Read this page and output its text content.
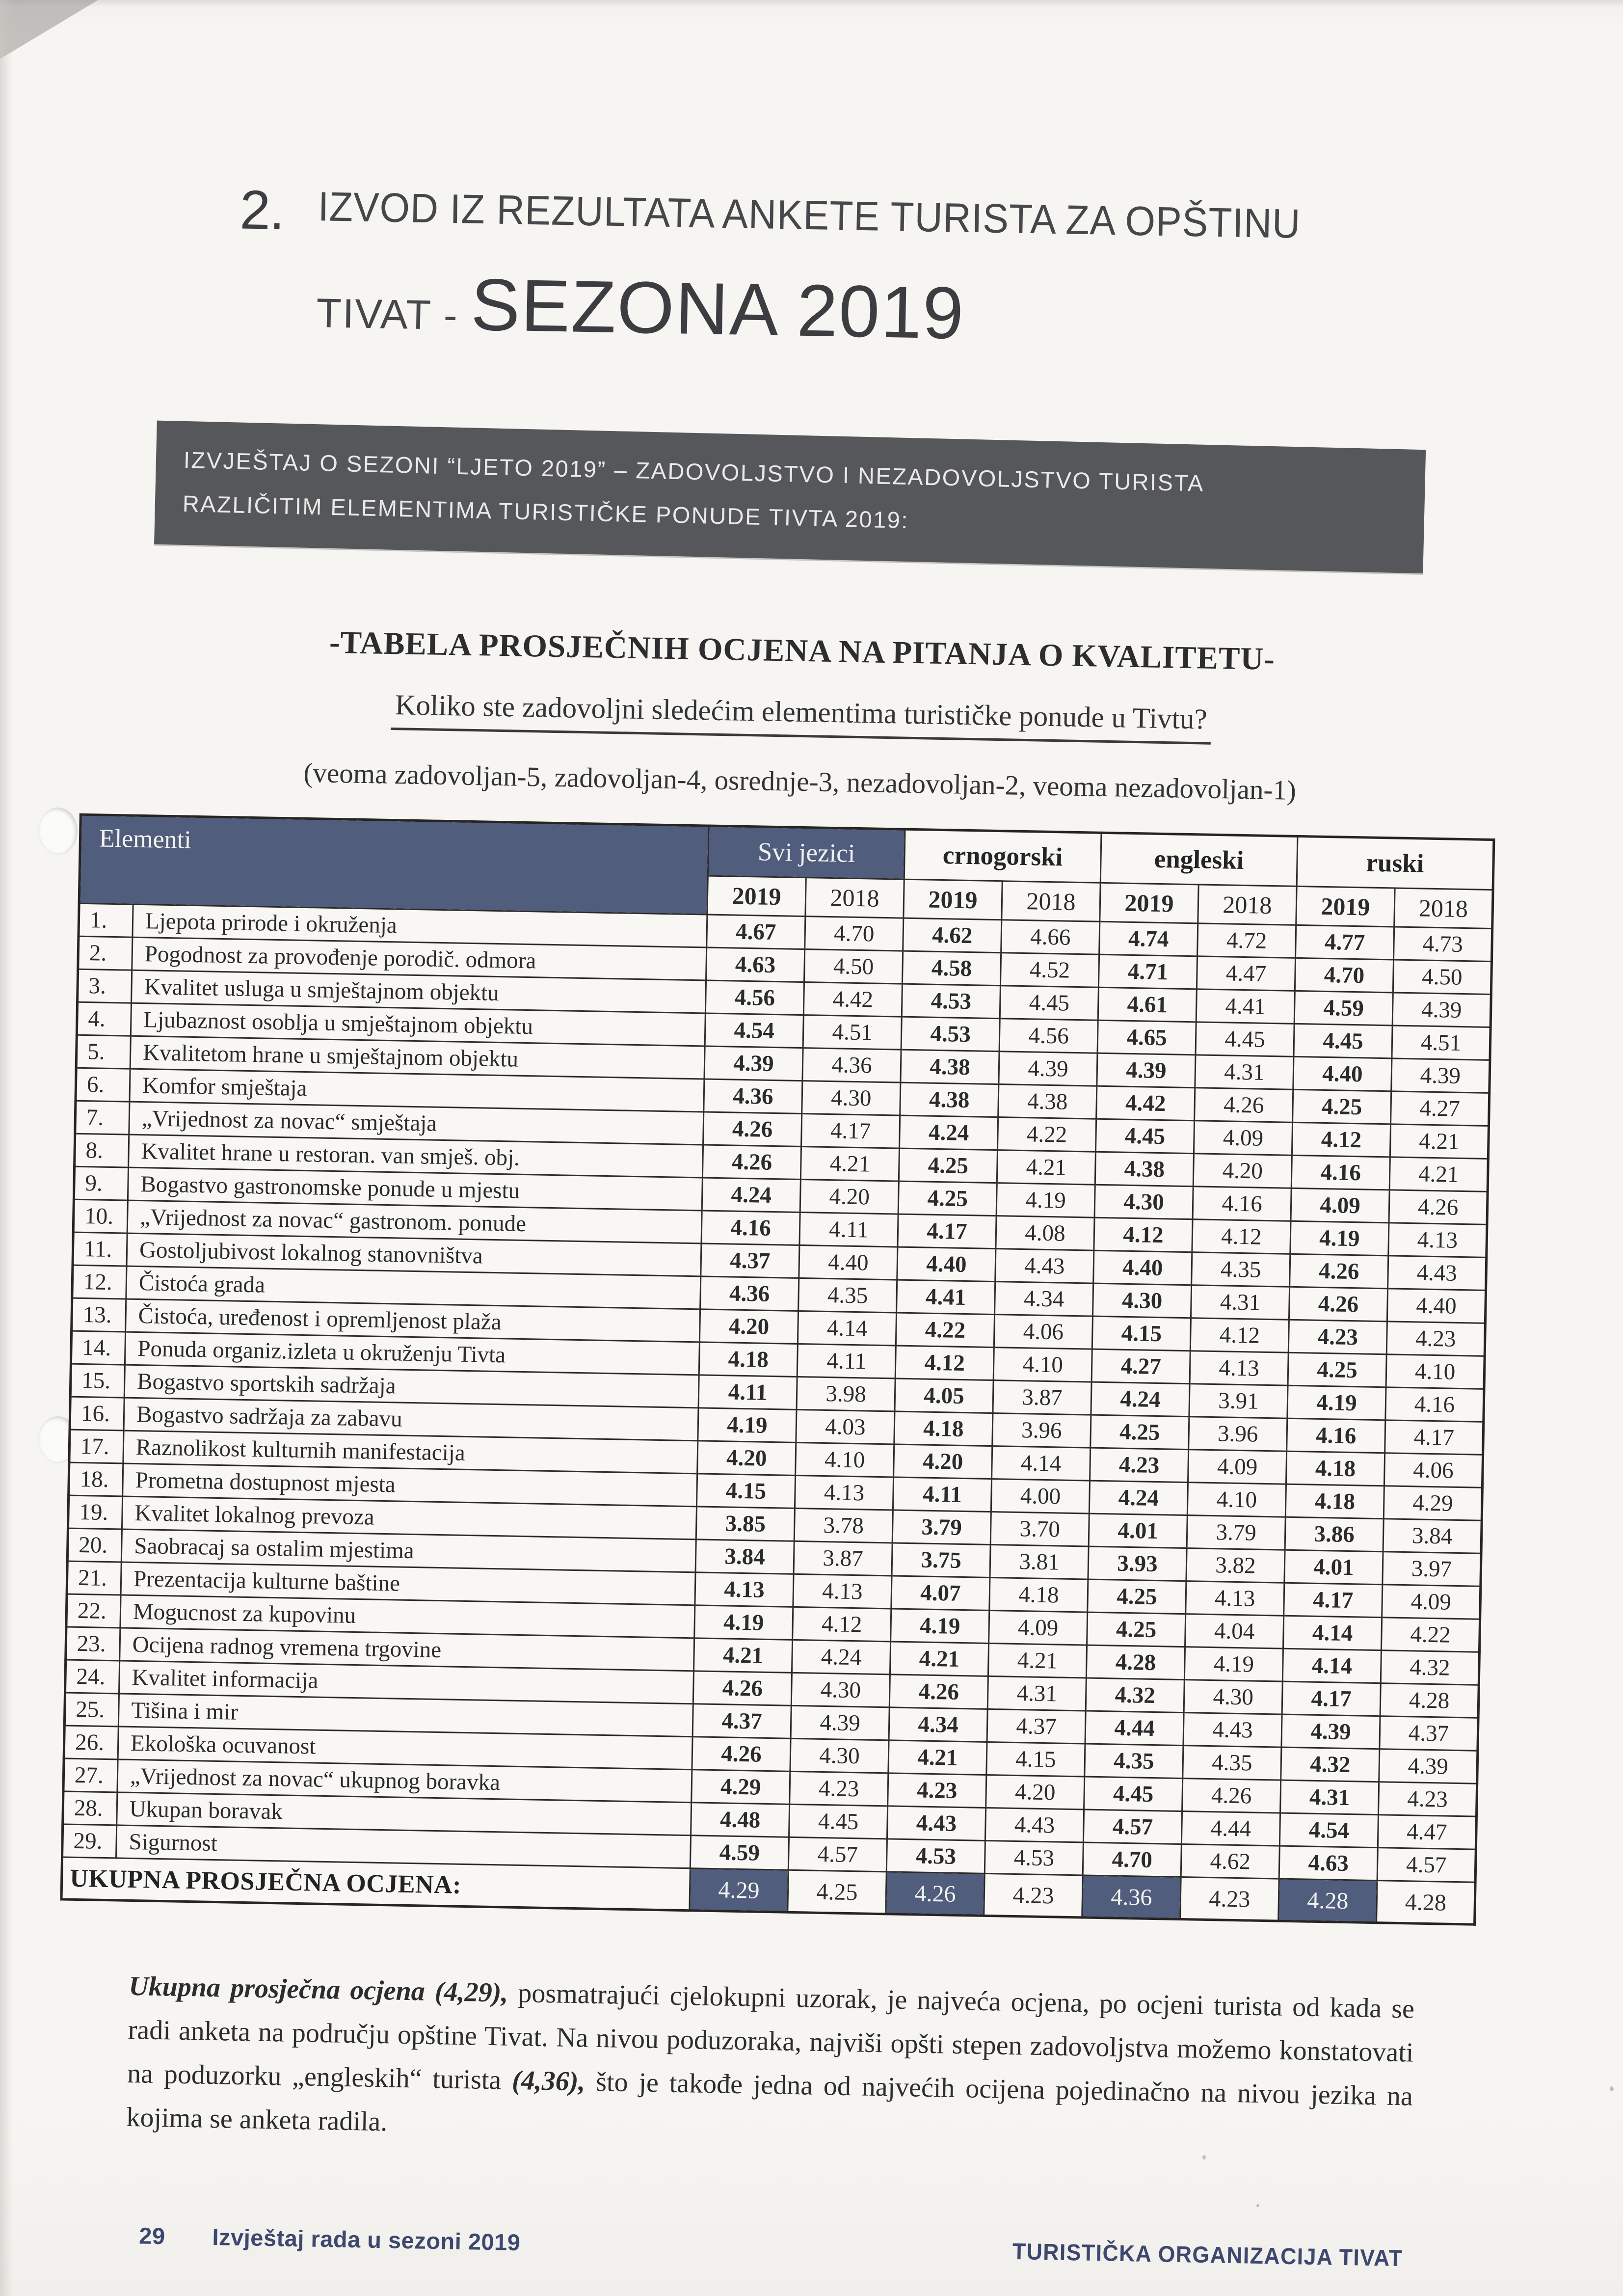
2. IZVOD IZ REZULTATA ANKETE TURISTA ZA OPŠTINU
TIVAT - SEZONA 2019
IZVJEŠTAJ O SEZONI “LJETO 2019” – ZADOVOLJSTVO I NEZADOVOLJSTVO TURISTA
RAZLIČITIM ELEMENTIMA TURISTIČKE PONUDE TIVTA 2019:
-TABELA PROSJEČNIH OCJENA NA PITANJA O KVALITETU-
Koliko ste zadovoljni sledećim elementima turističke ponude u Tivtu?
(veoma zadovoljan-5, zadovoljan-4, osrednje-3, nezadovoljan-2, veoma nezadovoljan-1)
Elementi		Svi jezici		crnogorski		engleski		ruski	
		2019	2018	2019	2018	2019	2018	2019	2018
1.	Ljepota prirode i okruženja	4.67	4.70	4.62	4.66	4.74	4.72	4.77	4.73
2.	Pogodnost za provođenje porodič. odmora	4.63	4.50	4.58	4.52	4.71	4.47	4.70	4.50
3.	Kvalitet usluga u smještajnom objektu	4.56	4.42	4.53	4.45	4.61	4.41	4.59	4.39
4.	Ljubaznost osoblja u smještajnom objektu	4.54	4.51	4.53	4.56	4.65	4.45	4.45	4.51
5.	Kvalitetom hrane u smještajnom objektu	4.39	4.36	4.38	4.39	4.39	4.31	4.40	4.39
6.	Komfor smještaja	4.36	4.30	4.38	4.38	4.42	4.26	4.25	4.27
7.	„Vrijednost za novac“ smještaja	4.26	4.17	4.24	4.22	4.45	4.09	4.12	4.21
8.	Kvalitet hrane u restoran. van smješ. obj.	4.26	4.21	4.25	4.21	4.38	4.20	4.16	4.21
9.	Bogastvo gastronomske ponude u mjestu	4.24	4.20	4.25	4.19	4.30	4.16	4.09	4.26
10.	„Vrijednost za novac“ gastronom. ponude	4.16	4.11	4.17	4.08	4.12	4.12	4.19	4.13
11.	Gostoljubivost lokalnog stanovništva	4.37	4.40	4.40	4.43	4.40	4.35	4.26	4.43
12.	Čistoća grada	4.36	4.35	4.41	4.34	4.30	4.31	4.26	4.40
13.	Čistoća, uređenost i opremljenost plaža	4.20	4.14	4.22	4.06	4.15	4.12	4.23	4.23
14.	Ponuda organiz.izleta u okruženju Tivta	4.18	4.11	4.12	4.10	4.27	4.13	4.25	4.10
15.	Bogastvo sportskih sadržaja	4.11	3.98	4.05	3.87	4.24	3.91	4.19	4.16
16.	Bogastvo sadržaja za zabavu	4.19	4.03	4.18	3.96	4.25	3.96	4.16	4.17
17.	Raznolikost kulturnih manifestacija	4.20	4.10	4.20	4.14	4.23	4.09	4.18	4.06
18.	Prometna dostupnost mjesta	4.15	4.13	4.11	4.00	4.24	4.10	4.18	4.29
19.	Kvalitet lokalnog prevoza	3.85	3.78	3.79	3.70	4.01	3.79	3.86	3.84
20.	Saobracaj sa ostalim mjestima	3.84	3.87	3.75	3.81	3.93	3.82	4.01	3.97
21.	Prezentacija kulturne baštine	4.13	4.13	4.07	4.18	4.25	4.13	4.17	4.09
22.	Mogucnost za kupovinu	4.19	4.12	4.19	4.09	4.25	4.04	4.14	4.22
23.	Ocijena radnog vremena trgovine	4.21	4.24	4.21	4.21	4.28	4.19	4.14	4.32
24.	Kvalitet informacija	4.26	4.30	4.26	4.31	4.32	4.30	4.17	4.28
25.	Tišina i mir	4.37	4.39	4.34	4.37	4.44	4.43	4.39	4.37
26.	Ekološka ocuvanost	4.26	4.30	4.21	4.15	4.35	4.35	4.32	4.39
27.	„Vrijednost za novac“ ukupnog boravka	4.29	4.23	4.23	4.20	4.45	4.26	4.31	4.23
28.	Ukupan boravak	4.48	4.45	4.43	4.43	4.57	4.44	4.54	4.47
29.	Sigurnost	4.59	4.57	4.53	4.53	4.70	4.62	4.63	4.57
UKUPNA PROSJEČNA OCJENA:		4.29	4.25	4.26	4.23	4.36	4.23	4.28	4.28

Ukupna prosječna ocjena (4,29), posmatrajući cjelokupni uzorak, je najveća ocjena, po ocjeni turista od kada se radi anketa na području opštine Tivat. Na nivou poduzoraka, najviši opšti stepen zadovoljstva možemo konstatovati na poduzorku „engleskih“ turista (4,36), što je takođe jedna od najvećih ocijena pojedinačno na nivou jezika na kojima se anketa radila.

29 Izvještaj rada u sezoni 2019	TURISTIČKA ORGANIZACIJA TIVAT
